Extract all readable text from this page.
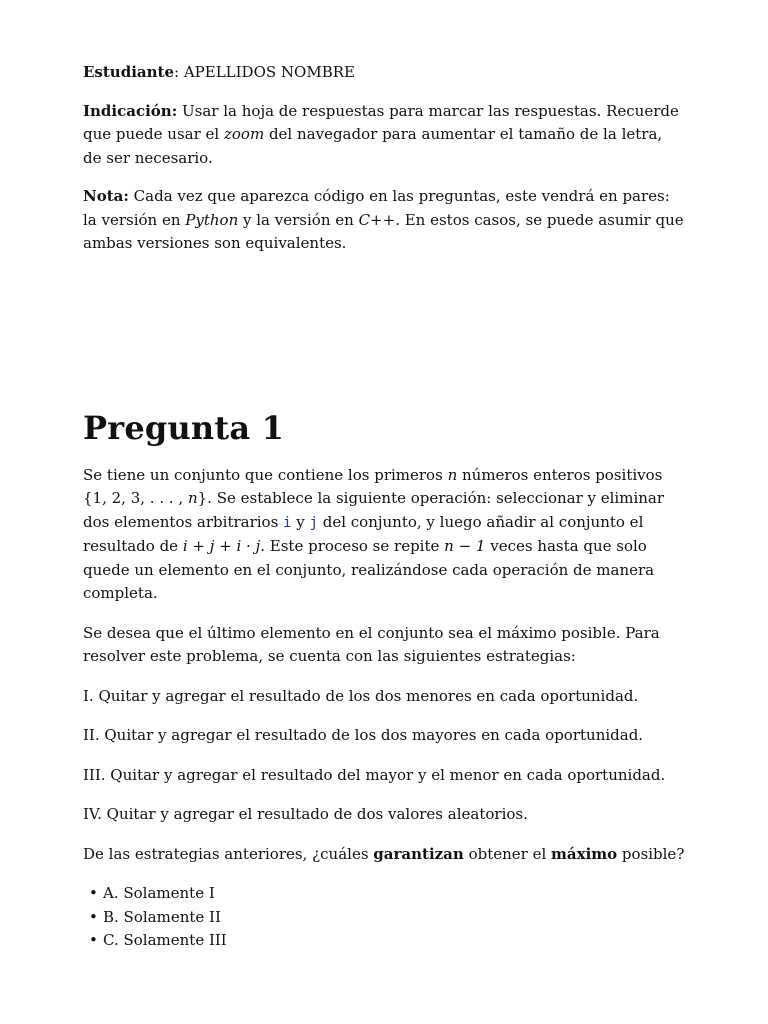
Estudiante: APELLIDOS NOMBRE

Indicación: Usar la hoja de respuestas para marcar las respuestas. Recuerde que puede usar el zoom del navegador para aumentar el tamaño de la letra, de ser necesario.

Nota: Cada vez que aparezca código en las preguntas, este vendrá en pares: la versión en Python y la versión en C++. En estos casos, se puede asumir que ambas versiones son equivalentes.

Pregunta 1

Se tiene un conjunto que contiene los primeros n números enteros positivos {1, 2, 3, . . . , n}. Se establece la siguiente operación: seleccionar y eliminar dos elementos arbitrarios i y j del conjunto, y luego añadir al conjunto el resultado de i + j + i · j. Este proceso se repite n − 1 veces hasta que solo quede un elemento en el conjunto, realizándose cada operación de manera completa.

Se desea que el último elemento en el conjunto sea el máximo posible. Para resolver este problema, se cuenta con las siguientes estrategias:

I. Quitar y agregar el resultado de los dos menores en cada oportunidad.

II. Quitar y agregar el resultado de los dos mayores en cada oportunidad.

III. Quitar y agregar el resultado del mayor y el menor en cada oportunidad.

IV. Quitar y agregar el resultado de dos valores aleatorios.

De las estrategias anteriores, ¿cuáles garantizan obtener el máximo posible?

• A. Solamente I
• B. Solamente II
• C. Solamente III
